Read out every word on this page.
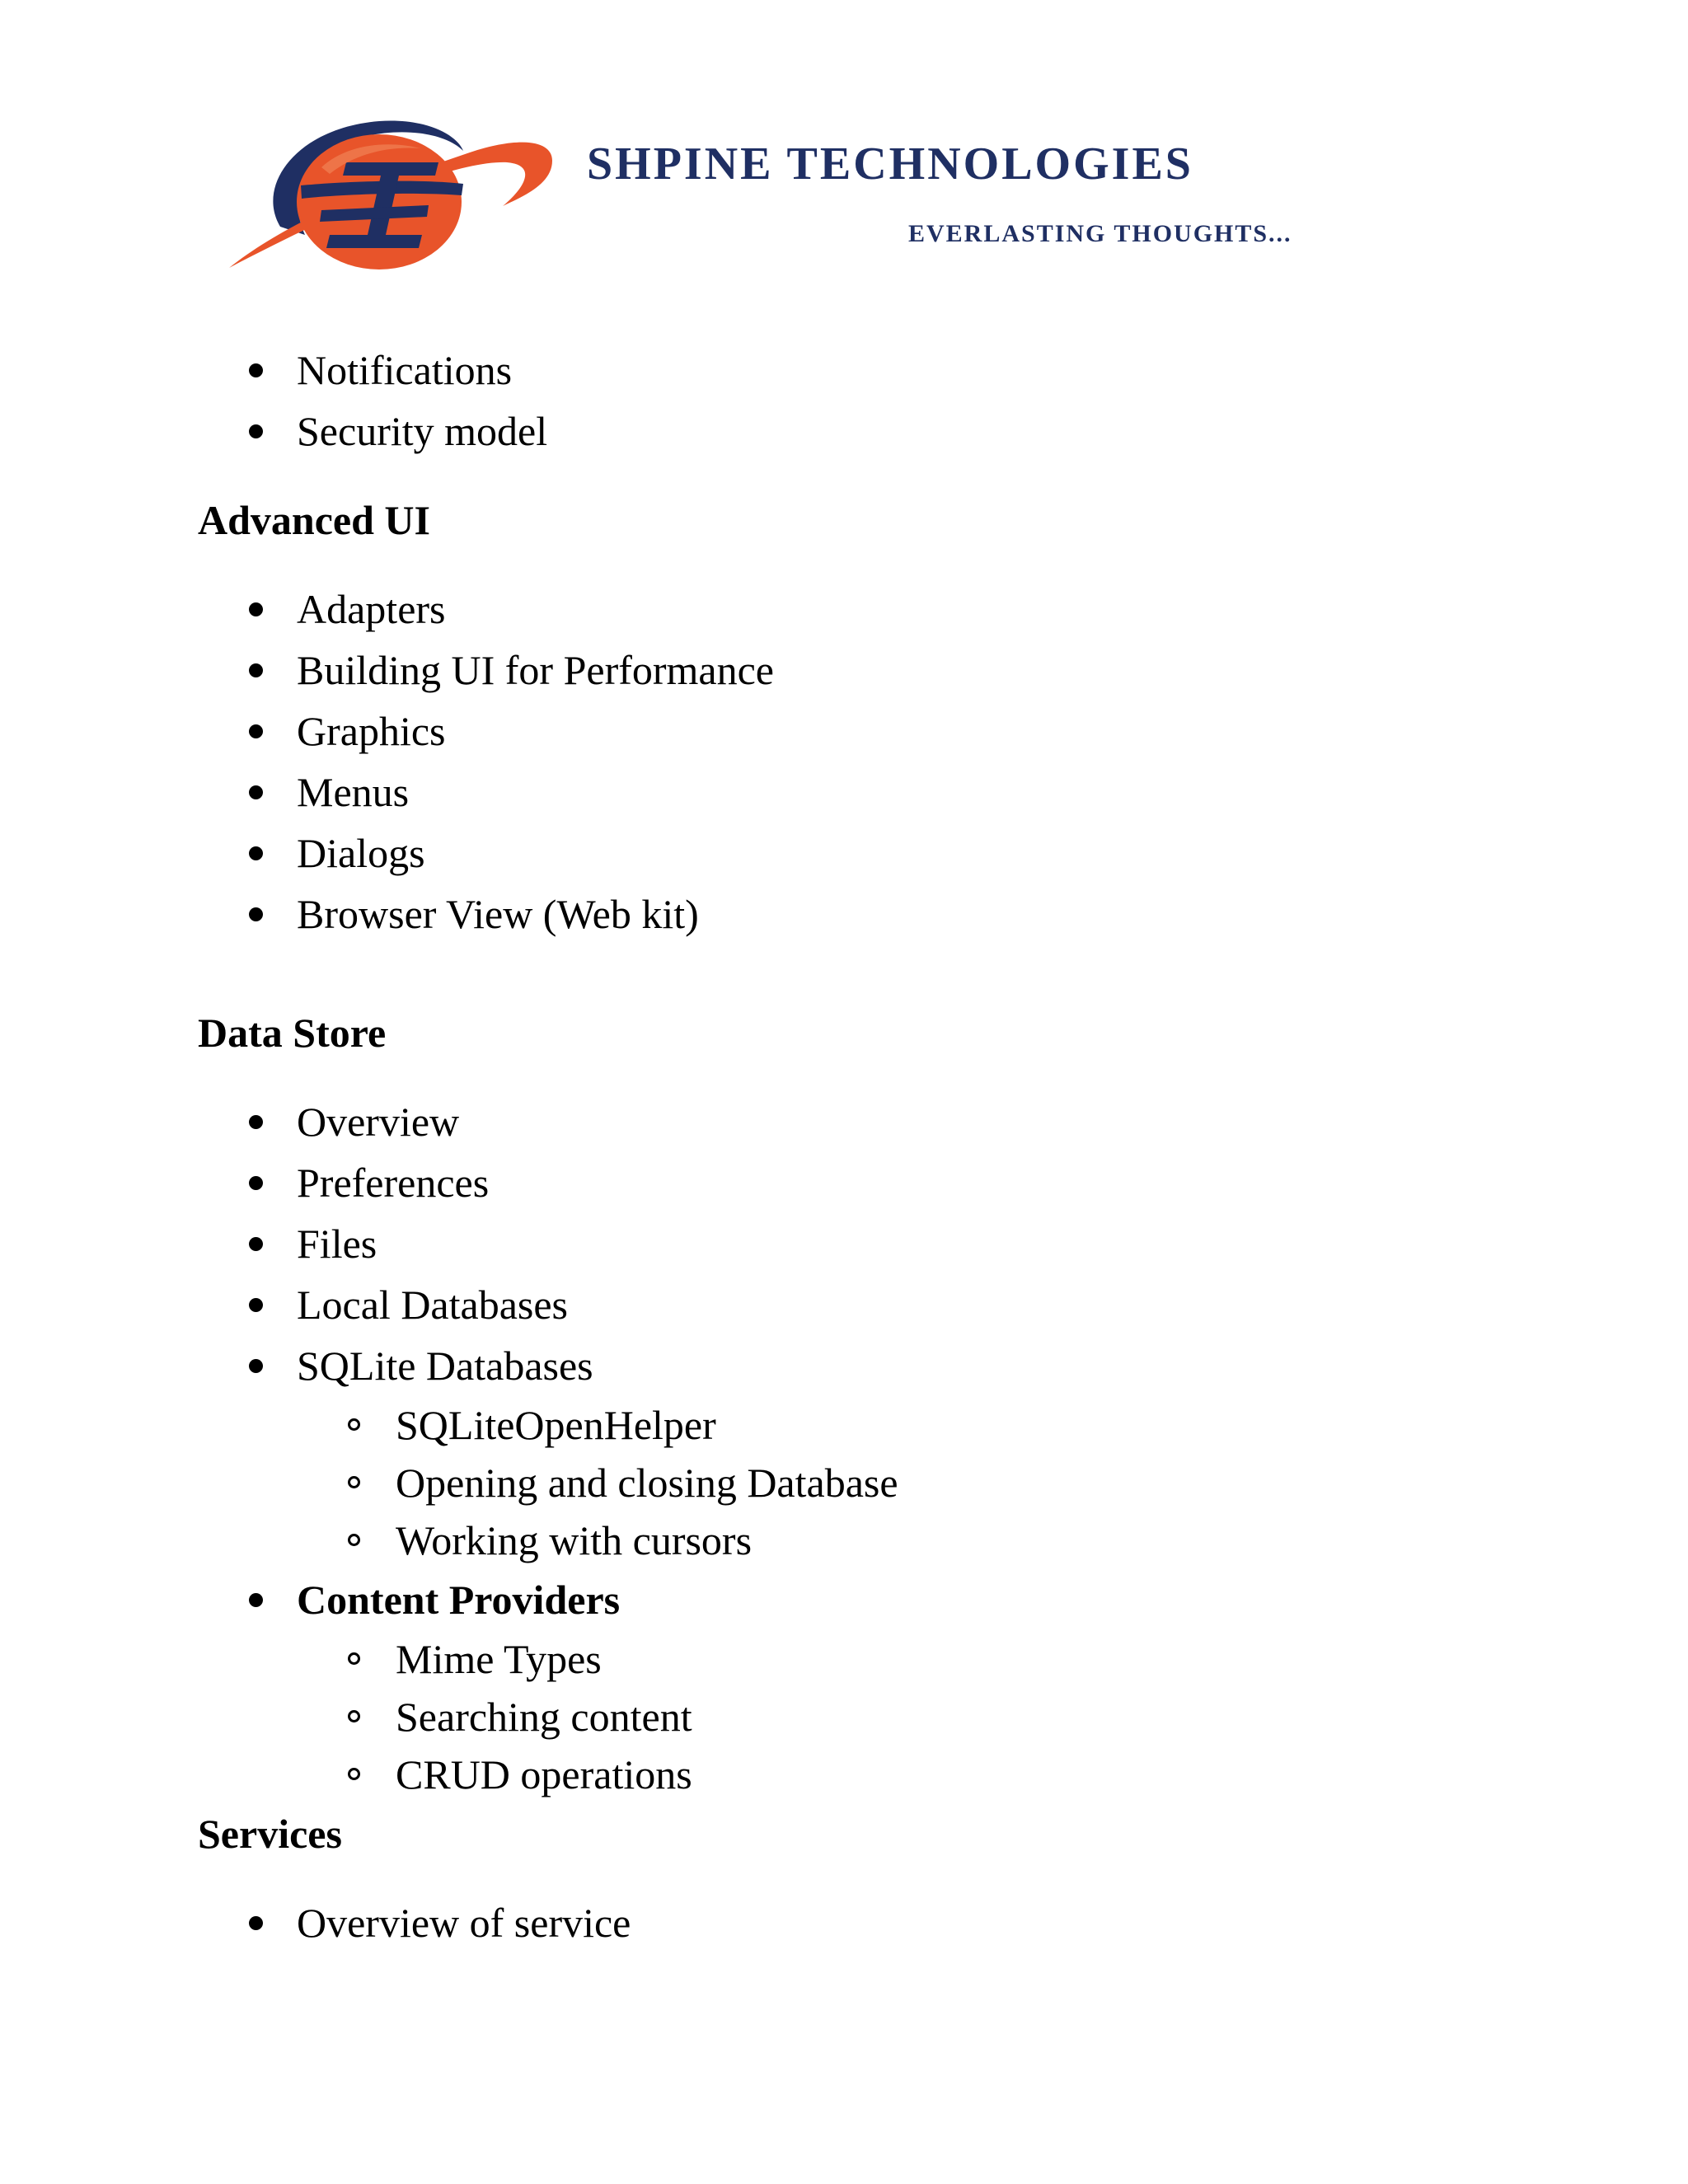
SHPINE TECHNOLOGIES
EVERLASTING THOUGHTS...
Notifications
Security model
Advanced UI
Adapters
Building UI for Performance
Graphics
Menus
Dialogs
Browser View (Web kit)
Data Store
Overview
Preferences
Files
Local Databases
SQLite Databases
SQLiteOpenHelper
Opening and closing Database
Working with cursors
Content Providers
Mime Types
Searching content
CRUD operations
Services
Overview of service
